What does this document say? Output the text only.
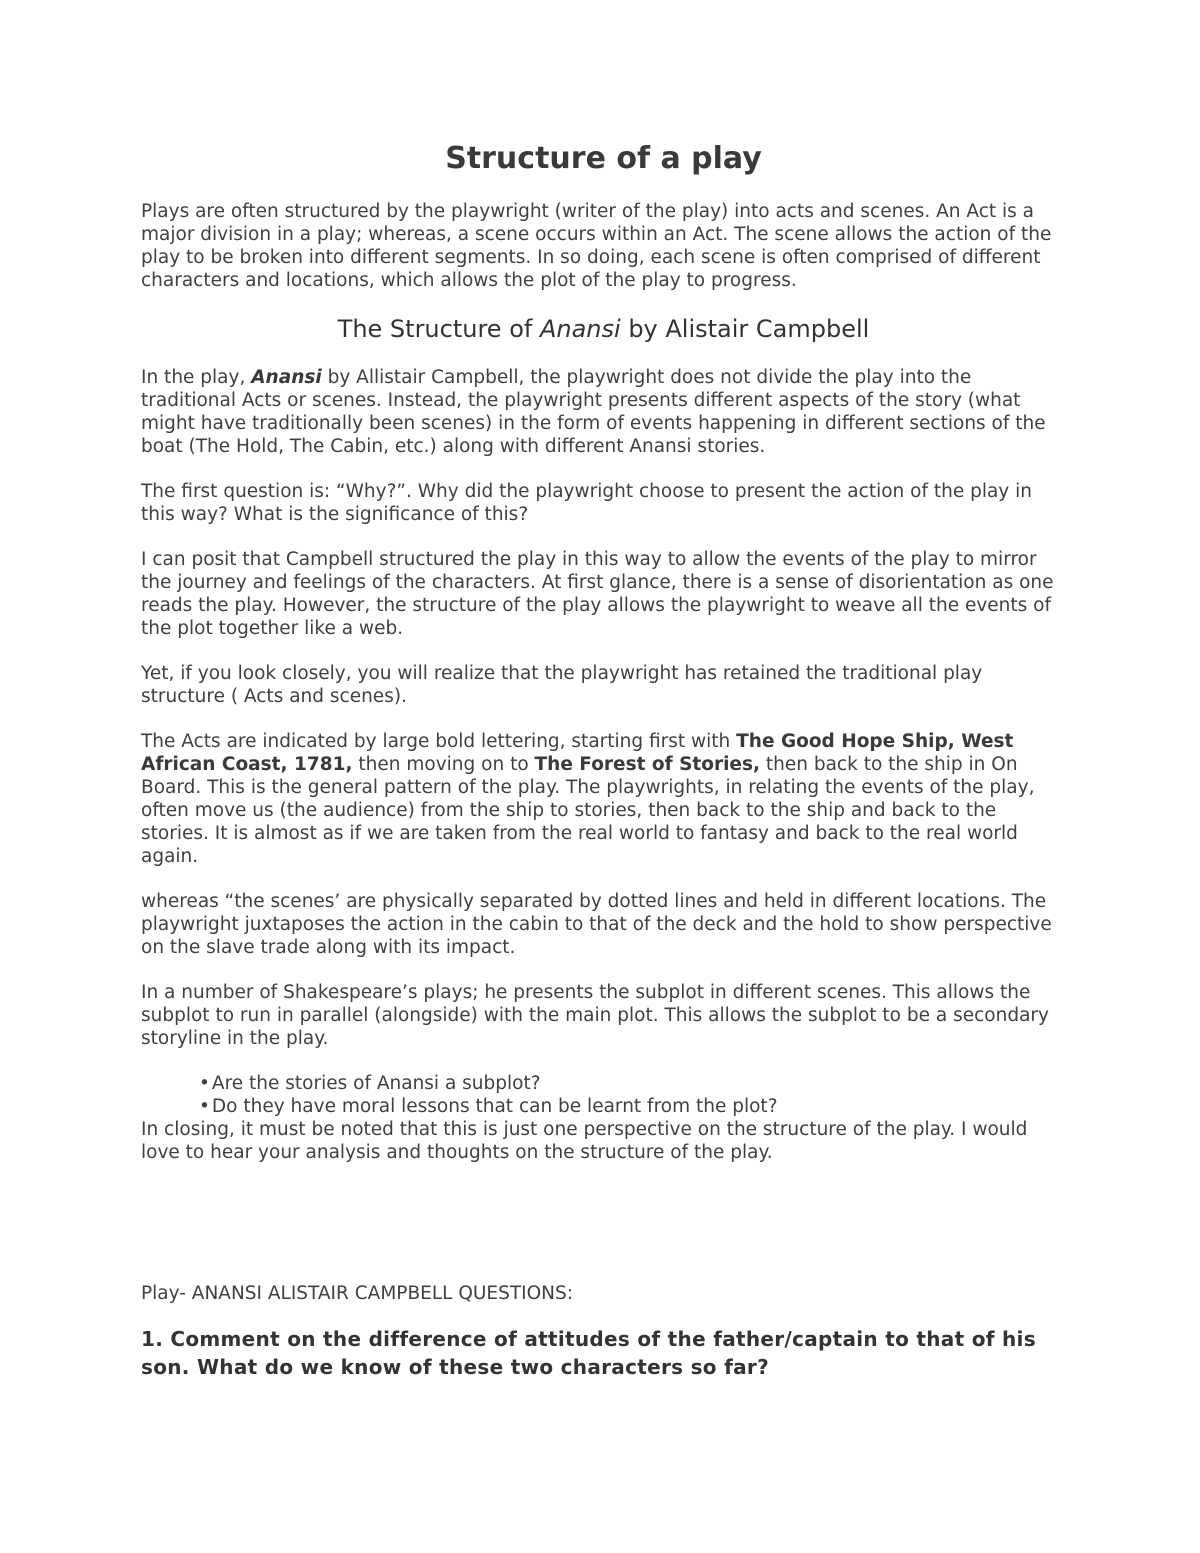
Structure of a play

Plays are often structured by the playwright (writer of the play) into acts and scenes. An Act is a major division in a play; whereas, a scene occurs within an Act. The scene allows the action of the play to be broken into different segments. In so doing, each scene is often comprised of different characters and locations, which allows the plot of the play to progress.

The Structure of Anansi by Alistair Campbell

In the play, Anansi by Allistair Campbell, the playwright does not divide the play into the traditional Acts or scenes. Instead, the playwright presents different aspects of the story (what might have traditionally been scenes) in the form of events happening in different sections of the boat (The Hold, The Cabin, etc.) along with different Anansi stories.

The first question is: “Why?”. Why did the playwright choose to present the action of the play in this way? What is the significance of this?

I can posit that Campbell structured the play in this way to allow the events of the play to mirror the journey and feelings of the characters. At first glance, there is a sense of disorientation as one reads the play. However, the structure of the play allows the playwright to weave all the events of the plot together like a web.

Yet, if you look closely, you will realize that the playwright has retained the traditional play structure ( Acts and scenes).

The Acts are indicated by large bold lettering, starting first with The Good Hope Ship, West African Coast, 1781, then moving on to The Forest of Stories, then back to the ship in On Board. This is the general pattern of the play. The playwrights, in relating the events of the play, often move us (the audience) from the ship to stories, then back to the ship and back to the stories. It is almost as if we are taken from the real world to fantasy and back to the real world again.

whereas “the scenes’ are physically separated by dotted lines and held in different locations. The playwright juxtaposes the action in the cabin to that of the deck and the hold to show perspective on the slave trade along with its impact.

In a number of Shakespeare’s plays; he presents the subplot in different scenes. This allows the subplot to run in parallel (alongside) with the main plot. This allows the subplot to be a secondary storyline in the play.

• Are the stories of Anansi a subplot?
• Do they have moral lessons that can be learnt from the plot?

In closing, it must be noted that this is just one perspective on the structure of the play. I would love to hear your analysis and thoughts on the structure of the play.

Play- ANANSI ALISTAIR CAMPBELL QUESTIONS:

1. Comment on the difference of attitudes of the father/captain to that of his son. What do we know of these two characters so far?
